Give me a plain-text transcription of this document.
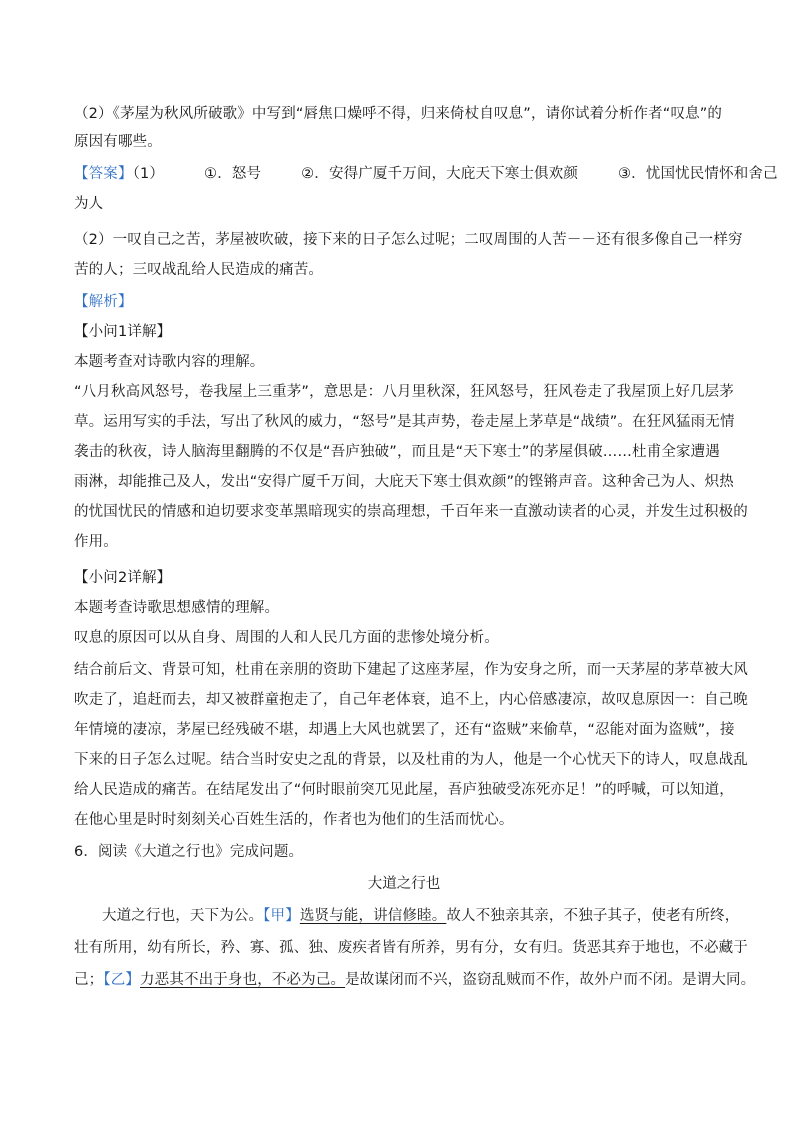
（2）《茅屋为秋风所破歌》中写到“唇焦口燥呼不得，归来倚杖自叹息”，请你试着分析作者“叹息”的
原因有哪些。
【答案】（1）	①．怒号	②．安得广厦千万间，大庇天下寒士俱欢颜	③．忧国忧民情怀和舍己
为人
（2）一叹自己之苦，茅屋被吹破，接下来的日子怎么过呢；二叹周围的人苦－－还有很多像自己一样穷
苦的人；三叹战乱给人民造成的痛苦。
【解析】
【小问1详解】
本题考查对诗歌内容的理解。
“八月秋高风怒号，卷我屋上三重茅”，意思是：八月里秋深，狂风怒号，狂风卷走了我屋顶上好几层茅
草。运用写实的手法，写出了秋风的威力，“怒号”是其声势，卷走屋上茅草是“战绩”。在狂风猛雨无情
袭击的秋夜，诗人脑海里翻腾的不仅是“吾庐独破”，而且是“天下寒士”的茅屋俱破……杜甫全家遭遇
雨淋，却能推己及人，发出“安得广厦千万间，大庇天下寒士俱欢颜”的铿锵声音。这种舍己为人、炽热
的忧国忧民的情感和迫切要求变革黑暗现实的崇高理想，千百年来一直激动读者的心灵，并发生过积极的
作用。
【小问2详解】
本题考查诗歌思想感情的理解。
叹息的原因可以从自身、周围的人和人民几方面的悲惨处境分析。
结合前后文、背景可知，杜甫在亲朋的资助下建起了这座茅屋，作为安身之所，而一天茅屋的茅草被大风
吹走了，追赶而去，却又被群童抱走了，自己年老体衰，追不上，内心倍感凄凉，故叹息原因一：自己晚
年情境的凄凉，茅屋已经残破不堪，却遇上大风也就罢了，还有“盗贼”来偷草，“忍能对面为盗贼”，接
下来的日子怎么过呢。结合当时安史之乱的背景，以及杜甫的为人，他是一个心忧天下的诗人，叹息战乱
给人民造成的痛苦。在结尾发出了“何时眼前突兀见此屋，吾庐独破受冻死亦足！”的呼喊，可以知道，
在他心里是时时刻刻关心百姓生活的，作者也为他们的生活而忧心。
6．阅读《大道之行也》完成问题。
大道之行也
大道之行也，天下为公。【甲】选贤与能，讲信修睦。故人不独亲其亲，不独子其子，使老有所终，
壮有所用，幼有所长，矜、寡、孤、独、废疾者皆有所养，男有分，女有归。货恶其弃于地也，不必藏于
己；【乙】力恶其不出于身也，不必为己。是故谋闭而不兴，盗窃乱贼而不作，故外户而不闭。是谓大同。
